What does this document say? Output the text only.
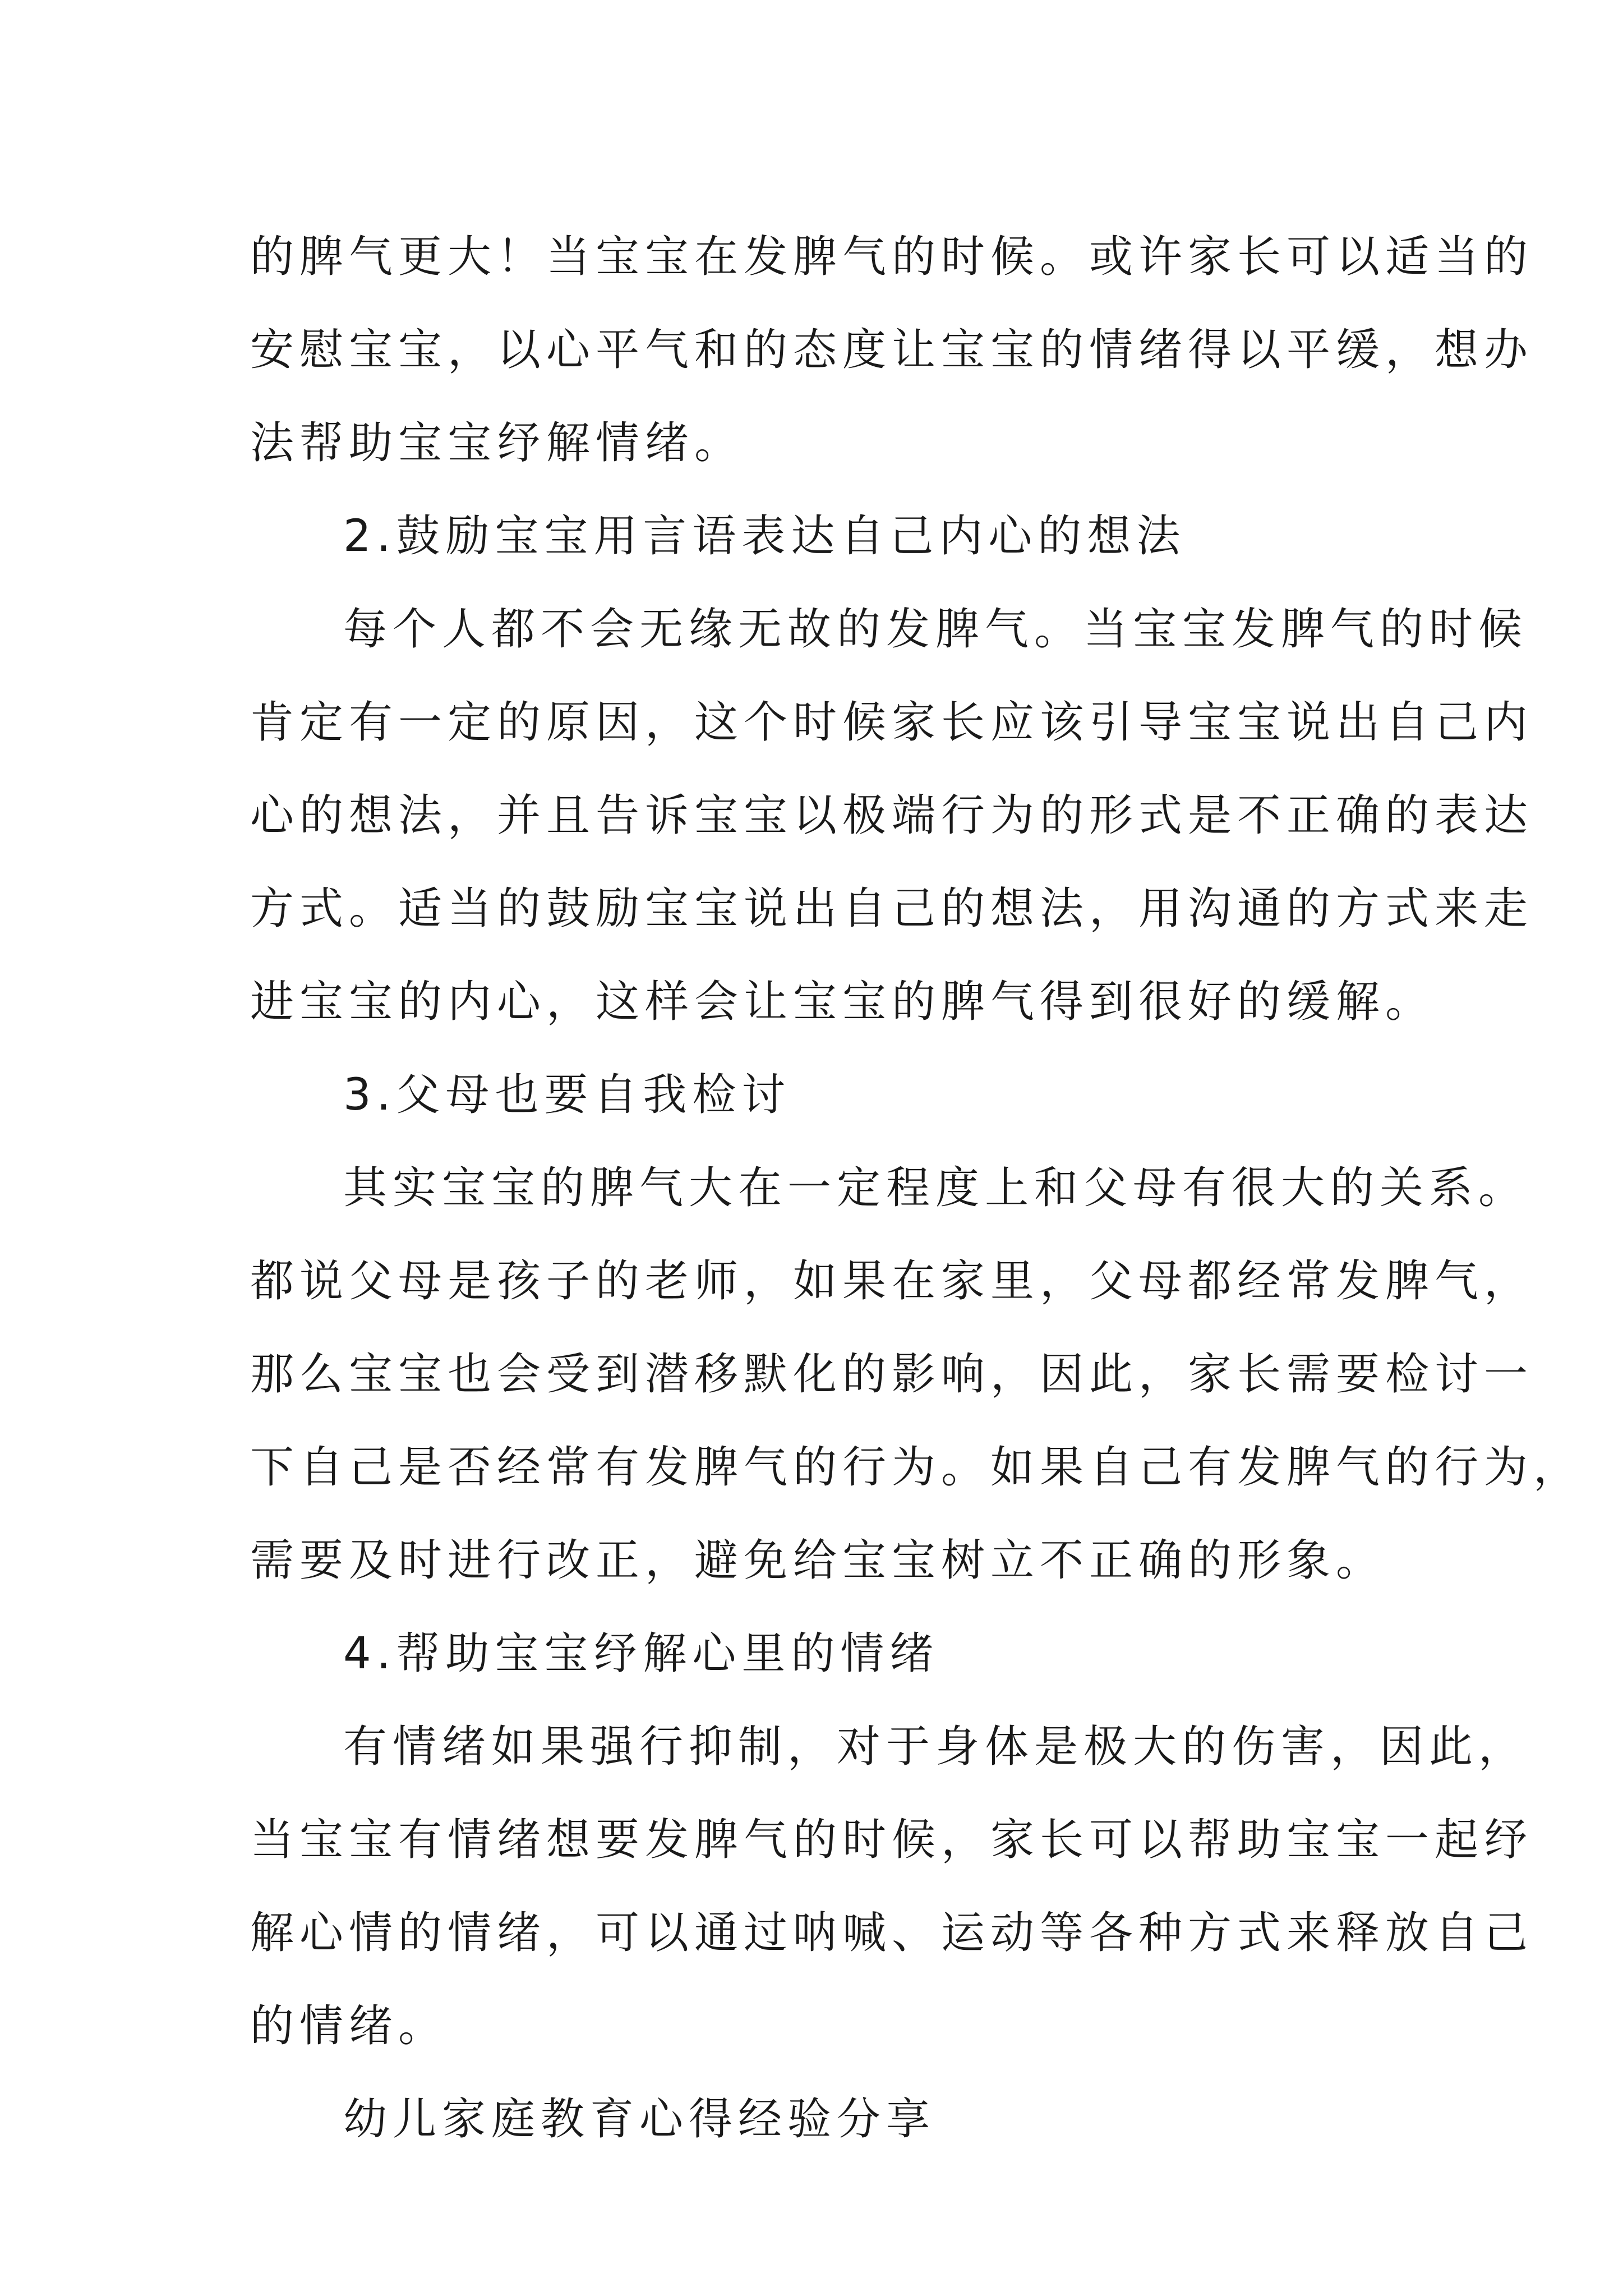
的脾气更大！当宝宝在发脾气的时候。或许家长可以适当的
安慰宝宝，以心平气和的态度让宝宝的情绪得以平缓，想办
法帮助宝宝纾解情绪。
2.鼓励宝宝用言语表达自己内心的想法
每个人都不会无缘无故的发脾气。当宝宝发脾气的时候
肯定有一定的原因，这个时候家长应该引导宝宝说出自己内
心的想法，并且告诉宝宝以极端行为的形式是不正确的表达
方式。适当的鼓励宝宝说出自己的想法，用沟通的方式来走
进宝宝的内心，这样会让宝宝的脾气得到很好的缓解。
3.父母也要自我检讨
其实宝宝的脾气大在一定程度上和父母有很大的关系。
都说父母是孩子的老师，如果在家里，父母都经常发脾气，
那么宝宝也会受到潜移默化的影响，因此，家长需要检讨一
下自己是否经常有发脾气的行为。如果自己有发脾气的行为，
需要及时进行改正，避免给宝宝树立不正确的形象。
4.帮助宝宝纾解心里的情绪
有情绪如果强行抑制，对于身体是极大的伤害，因此，
当宝宝有情绪想要发脾气的时候，家长可以帮助宝宝一起纾
解心情的情绪，可以通过呐喊、运动等各种方式来释放自己
的情绪。
幼儿家庭教育心得经验分享
